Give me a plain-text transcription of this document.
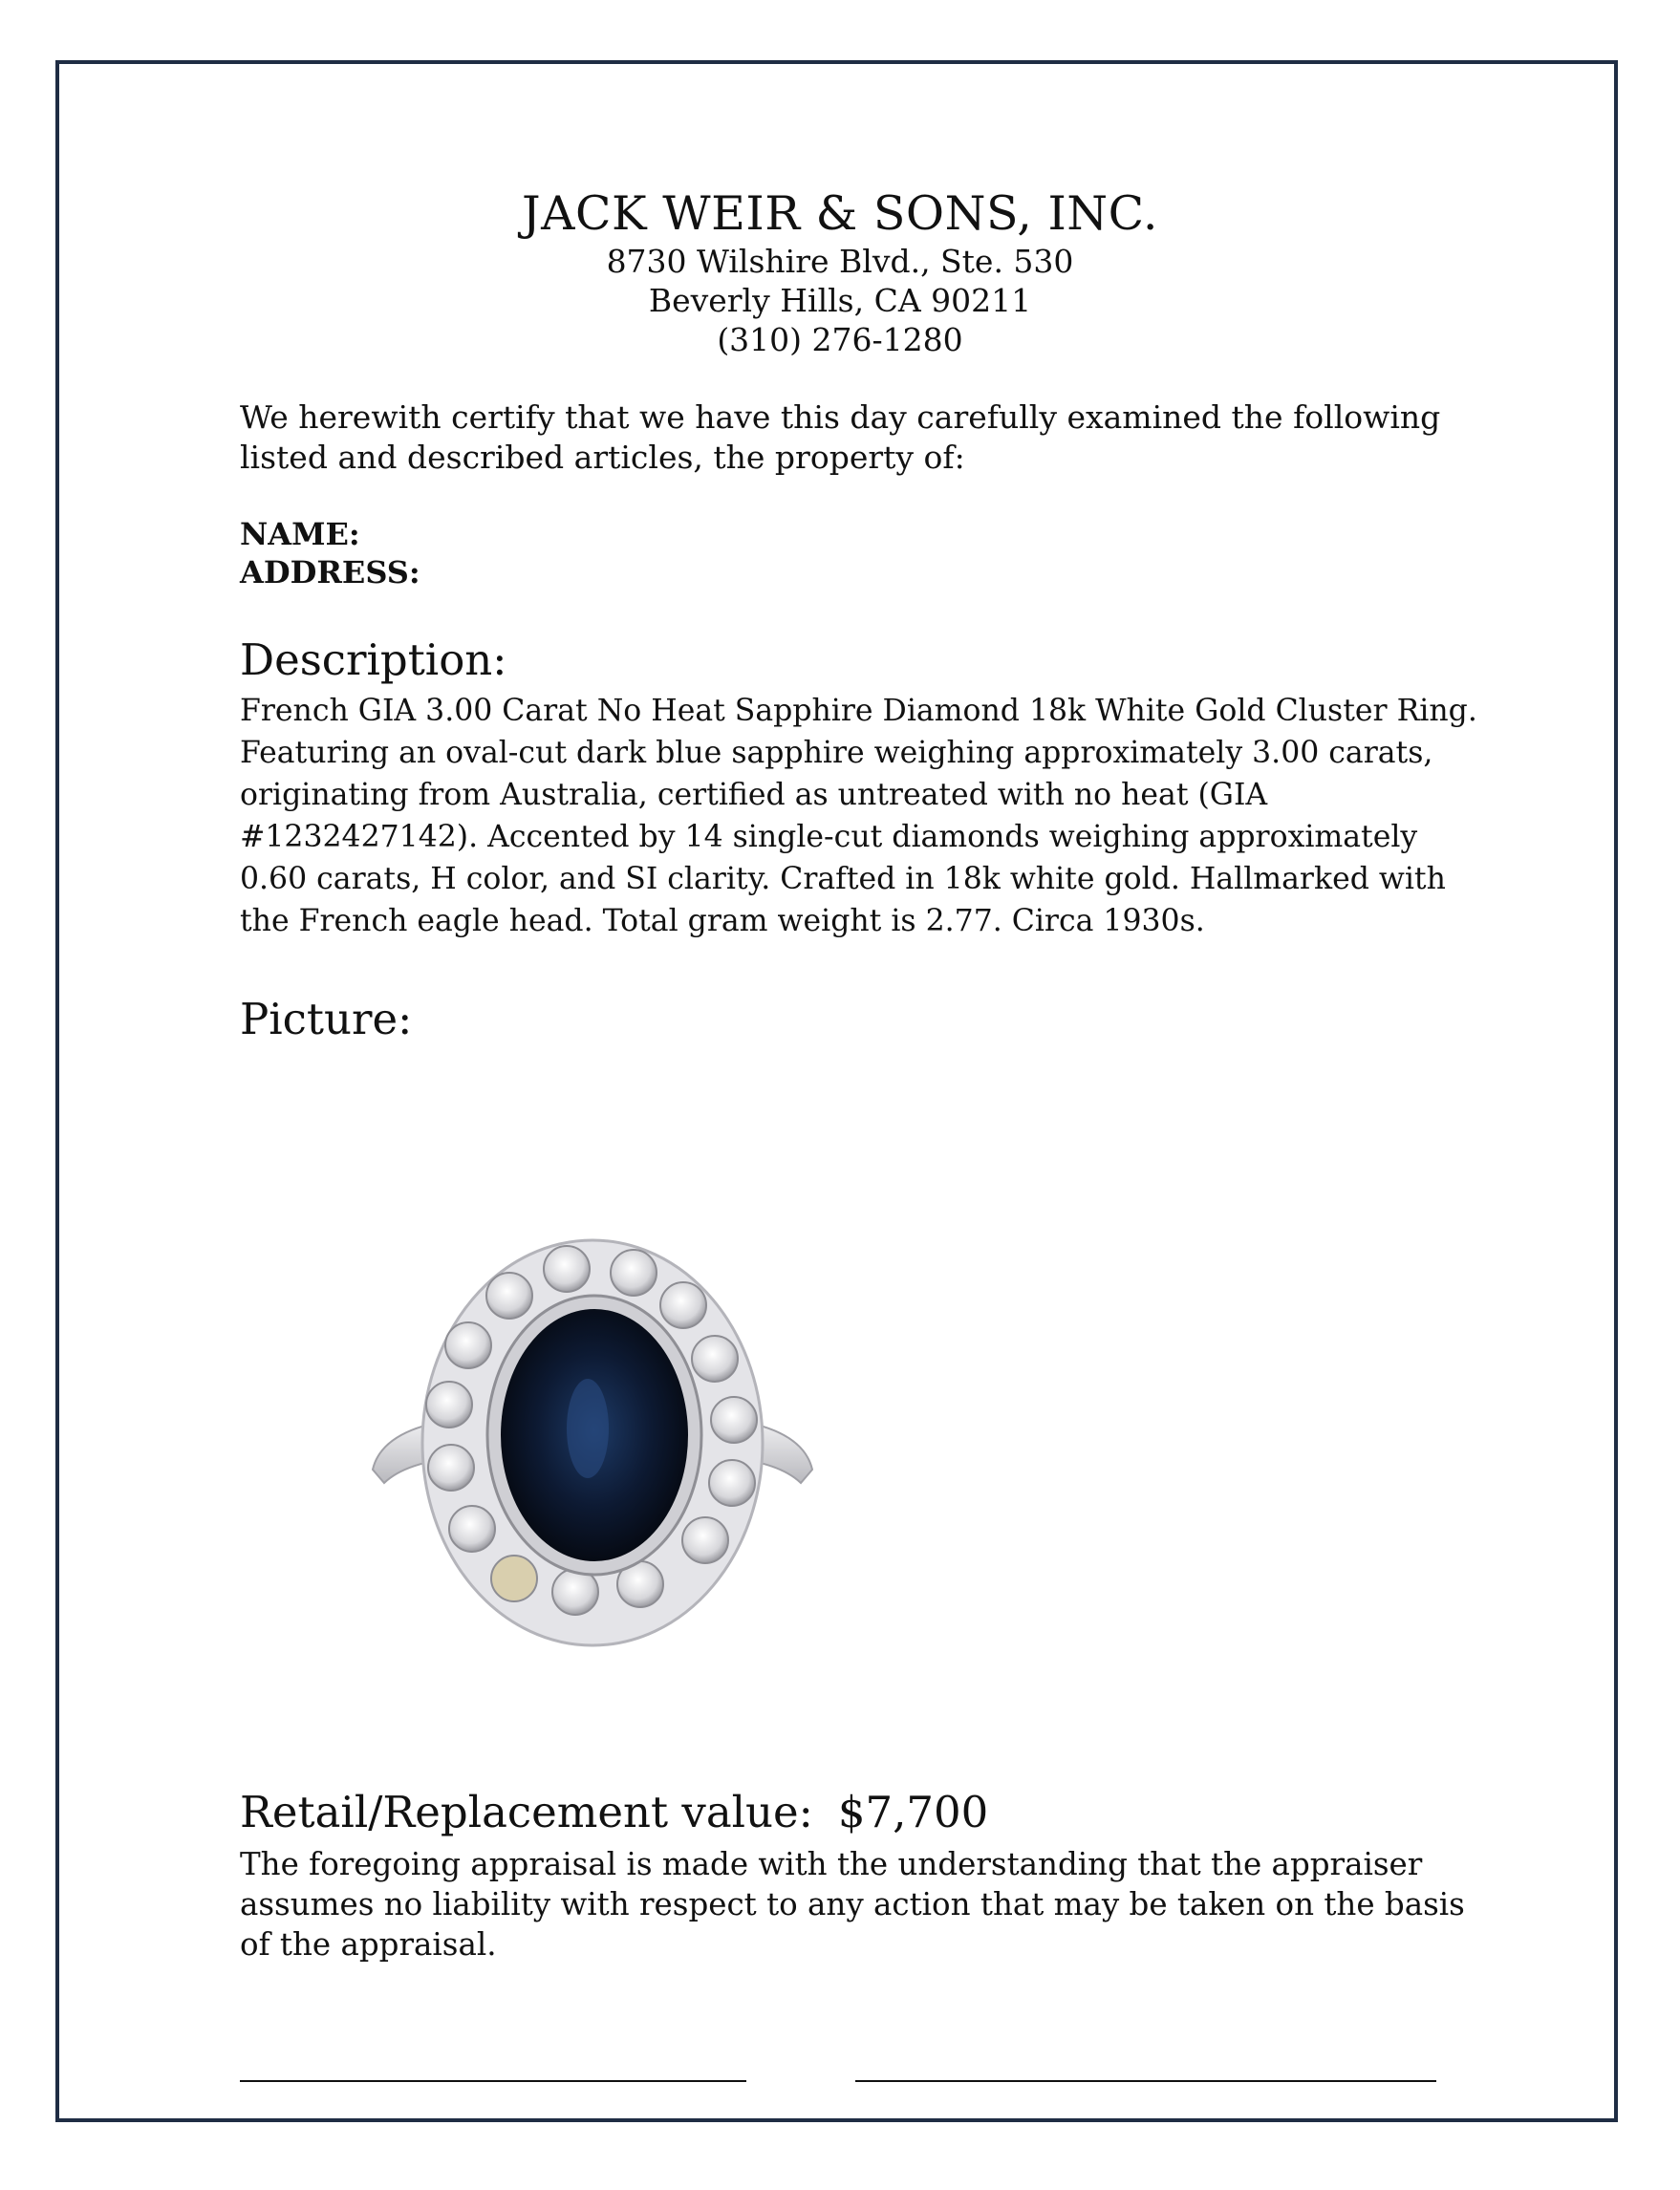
JACK WEIR & SONS, INC.
8730 Wilshire Blvd., Ste. 530
Beverly Hills, CA 90211
(310) 276-1280
We herewith certify that we have this day carefully examined the following listed and described articles, the property of:
NAME:
ADDRESS:
Description:
French GIA 3.00 Carat No Heat Sapphire Diamond 18k White Gold Cluster Ring. Featuring an oval-cut dark blue sapphire weighing approximately 3.00 carats, originating from Australia, certified as untreated with no heat (GIA #1232427142). Accented by 14 single-cut diamonds weighing approximately 0.60 carats, H color, and SI clarity. Crafted in 18k white gold. Hallmarked with the French eagle head. Total gram weight is 2.77. Circa 1930s.
Picture:
Retail/Replacement value: $7,700
The foregoing appraisal is made with the understanding that the appraiser assumes no liability with respect to any action that may be taken on the basis of the appraisal.
